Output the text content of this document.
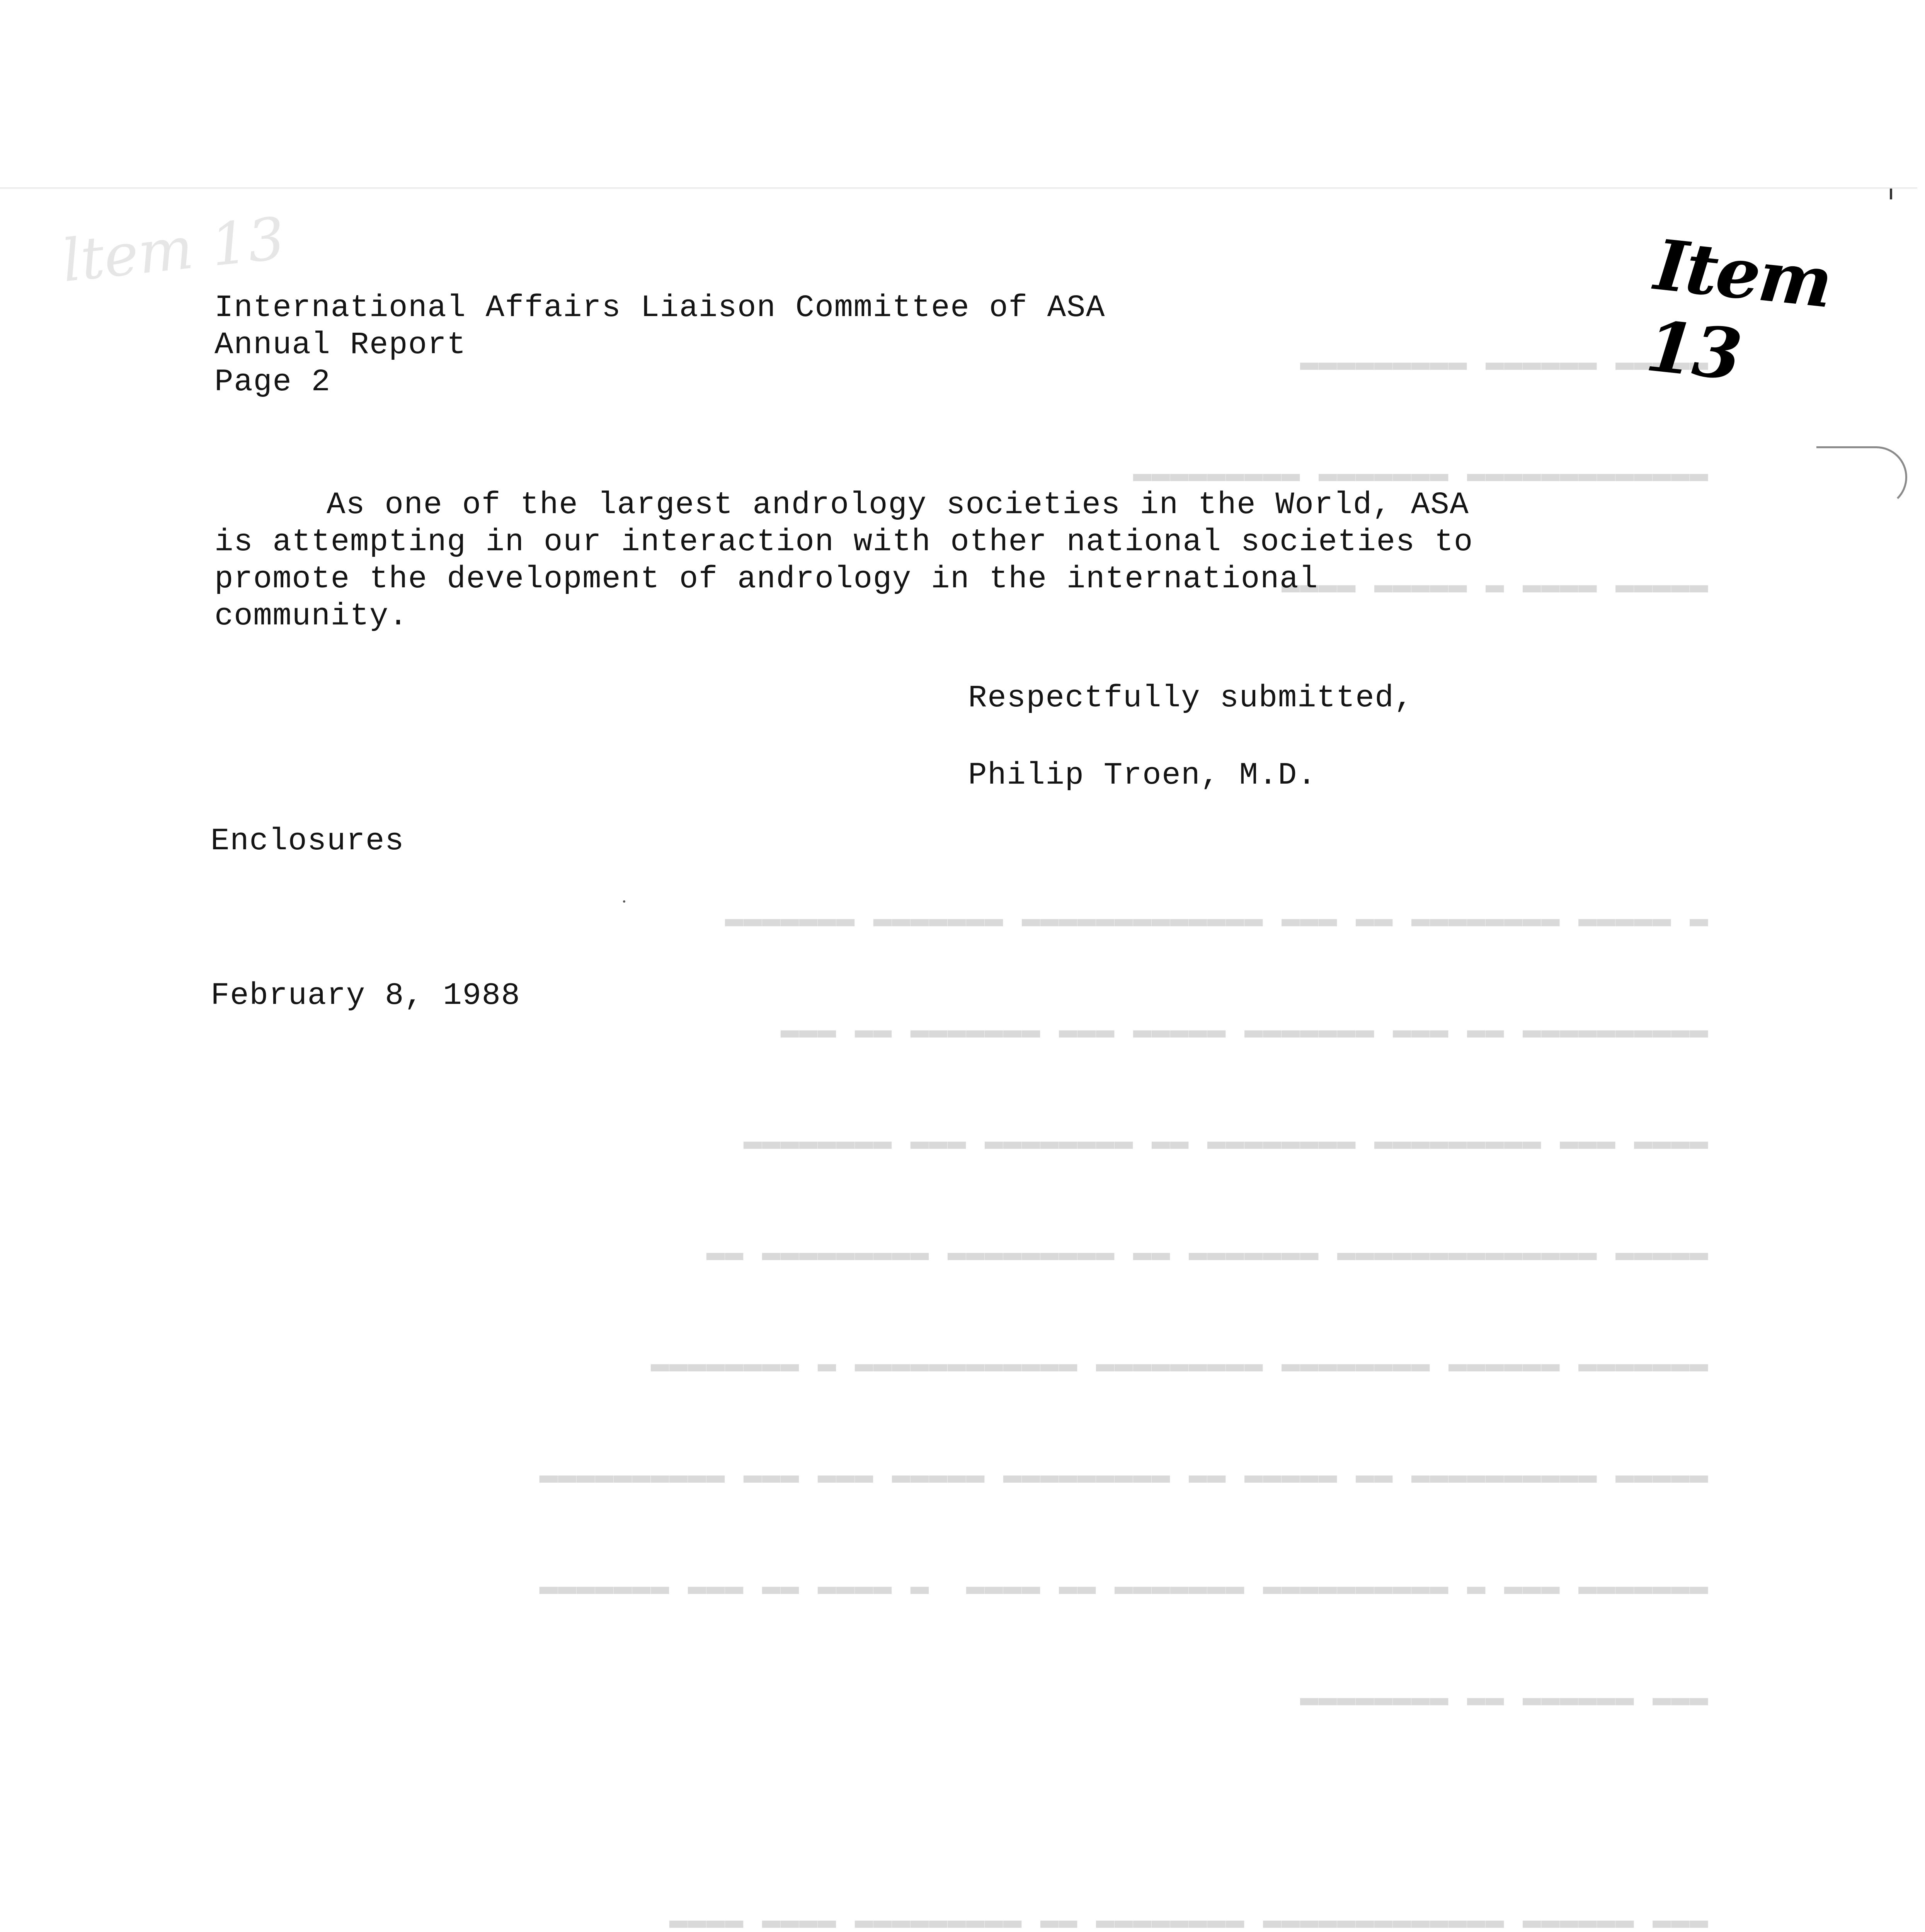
▬▬▬▬▬ ▬▬▬▬▬▬ ▬▬▬▬▬▬▬▬▬

▬▬▬▬▬▬▬▬▬▬▬▬▬ ▬▬▬▬▬▬▬ ▬▬▬▬▬▬▬▬▬

▬▬▬▬▬ ▬▬▬▬ ▬ ▬▬▬▬▬ ▬▬▬▬

▬ ▬▬▬▬▬ ▬▬▬▬▬▬▬▬ ▬▬ ▬▬▬ ▬▬▬▬▬▬▬▬▬▬▬▬▬ ▬▬▬▬▬▬▬ ▬▬▬▬▬▬▬

▬▬▬▬▬▬▬▬▬▬ ▬▬ ▬▬▬ ▬▬▬▬▬▬▬ ▬▬▬▬▬ ▬▬▬ ▬▬▬▬▬▬▬ ▬▬ ▬▬▬

▬▬▬▬ ▬▬▬ ▬▬▬▬▬▬▬▬▬ ▬▬▬▬▬▬▬▬ ▬▬ ▬▬▬▬▬▬▬▬ ▬▬▬ ▬▬▬▬▬▬▬▬

▬▬▬▬▬ ▬▬▬▬▬▬▬▬▬▬▬▬▬▬ ▬▬▬▬▬▬▬ ▬▬ ▬▬▬▬▬▬▬▬▬ ▬▬▬▬▬▬▬▬▬ ▬▬

▬▬▬▬▬▬▬ ▬▬▬▬▬▬ ▬▬▬▬▬▬▬▬ ▬▬▬▬▬▬▬▬▬ ▬▬▬▬▬▬▬▬▬▬▬▬ ▬ ▬▬▬▬▬▬▬▬

▬▬▬▬▬ ▬▬▬▬▬▬▬▬▬▬ ▬▬ ▬▬▬▬▬ ▬▬ ▬▬▬▬▬▬▬▬▬ ▬▬▬▬▬ ▬▬▬ ▬▬▬ ▬▬▬▬▬▬▬▬▬▬

▬▬▬▬▬▬▬ ▬▬▬ ▬ ▬▬▬▬▬▬▬▬▬▬ ▬▬▬▬▬▬▬ ▬▬ ▬▬▬▬  ▬ ▬▬▬▬ ▬▬ ▬▬▬ ▬▬▬▬▬▬▬

▬▬▬ ▬▬▬▬▬▬ ▬▬ ▬▬▬▬▬▬▬▬

▬▬▬ ▬▬▬▬▬▬ ▬▬▬▬▬▬▬▬▬▬▬▬▬ ▬▬▬▬▬▬▬▬ ▬▬ ▬▬▬▬▬▬▬▬▬ ▬▬▬▬ ▬▬▬▬

ltem 13	Item 13
International Affairs Liaison Committee of ASA
Annual Report
Page 2
As one of the largest andrology societies in the World, ASA
is attempting in our interaction with other national societies to
promote the development of andrology in the international
community.
Respectfully submitted,
Philip Troen, M.D.
Enclosures
February 8, 1988
